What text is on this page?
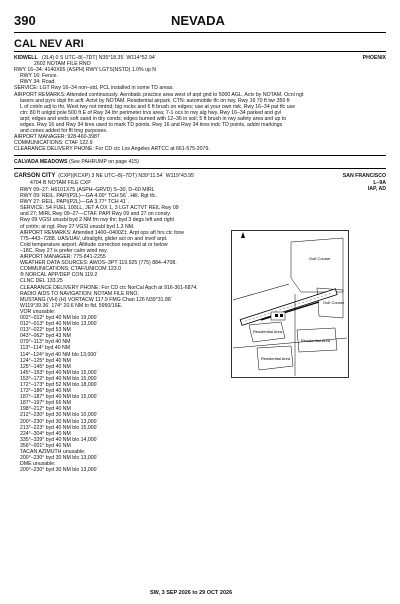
390	NEVADA
CAL NEV ARI
KIDWELL (3L4) 0 S UTC–8(–7DT) N35°18.35´ W114°52.94´
2602 NOTAM FILE RNO
RWY 16–34: 4140X65 (ASPH) RWY LGTS(NSTD) 1.0% up N
RWY 16: Fence.
RWY 34: Road.
SERVICE: LGT Rwy 16–34 non–std, PCL installed in some TD areas.
AIRPORT REMARKS: Attended continuously. Aerobatic practice area west of arpt gnd to 5000 AGL. Actv by NOTAM. Ocnl ngt
lasers and pyro dspl fm acft. Actvt by NOTAM. Residential airpark. CTN: automobile tfc on rwy. Rwy 16 70 ft twr 350 ft
L of cntrln adj to thr. West twy not mntnd; big rocks and 6 ft brush on edges; use at your own risk. Rwy 16–34 pat tfc use
ctn: 80 ft unlgtd pole 500 ft E of Rwy 34 thr perimeter trvs area; 7-1 ocs to rwy alg hwy. Rwy 16–34 parked and gvl
arpt; edges and ends soft sand in dry conds; edges burned with 12–36 in soil; 5 ft brush in rwy safety area and up to
edges. Rwy 16 and Rwy 34 tires used to mark TD points. Rwy 16 and Rwy 34 tires indc TD points, addnl markings
and cones added for flt trng purposes.
AIRPORT MANAGER: 928-460-3987
COMMUNICATIONS: CTAF 122.9
CLEARANCE DELIVERY PHONE: For CD ctc Los Angeles ARTCC at 661-575-2079.
PHOENIX
CALVADA MEADOWS (See PAHRUMP on page 415)
CARSON CITY (CXP)(KCXP) 3 NE UTC–8(–7DT) N39°11.54´ W119°43.95´
4704 B NOTAM FILE CXP
SAN FRANCISCO
L–9A
IAP, AD
RWY 09–27: H6101X75 (ASPH–GRVD) S–30, D–60 MIRL
RWY 09: REIL. PAPI(P2L)—GA 4.00° TCH 56´. Hill. Rgt tfc.
RWY 27: REIL. PAPI(P2L)—GA 3.77° TCH 41´.
SERVICE: S4 FUEL 100LL, JET A OX 1, 3 LGT ACTVT REIL Rwy 09
and 27; MIRL Rwy 09–27—CTAF. PAPI Rwy 09 and 27 on consly.
Rwy 09 VGSI unusbl byd 2 NM fm rwy thr; byd 3 degs left and right
of cntrln; at ngt. Rwy 27 VGSI unusbl byd 1.3 NM.
AIRPORT REMARKS: Attended 1400–0400Z‡. Arpt ops aft hrs ctc fone
775–443–7288. UAS/UAV, ultralight, glider act on and invof arpt.
Cold temperature airport. Altitude correction required at or below
–18C. Rwy 27 is prefer calm wind rwy.
AIRPORT MANAGER: 775-841-2255
WEATHER DATA SOURCES: AWOS–3PT 119.925 (775) 884–4708.
COMMUNICATIONS: CTAF/UNICOM 123.0
® NORCAL APP/DEP CON 119.2
CLNC DEL 133.25
CLEARANCE DELIVERY PHONE: For CD ctc NorCal Apch at 916-361-6874.
RADIO AIDS TO NAVIGATION: NOTAM FILE RNO.
MUSTANG (VH) (H) VORTACW 117.9 FMG Chan 126 N39°31.88´
W119°39.36´ 174° 20.6 NM to fld. 5950/16E.
VOR unusable:
002°–012° byd 40 NM blo 19,000´
012°–013° byd 40 NM blo 13,000´
013°–022° byd 53 NM
043°–062° byd 43 NM
079°–113° byd 40 NM
113°–114° byd 40 NM
114°–124° byd 40 NM blo 13,000´
124°–125° byd 40 NM
125°–145° byd 40 NM
145°–153° byd 40 NM blo 15,000´
153°–172° byd 40 NM blo 15,000´
172°–173° byd 52 NM blo 18,000´
173°–186° byd 40 NM
187°–187° byd 40 NM blo 15,000´
187°–197° byd 66 NM
198°–212° byd 40 NM
212°–230° byd 30 NM blo 10,000´
200°–230° byd 30 NM blo 13,000´
213°–223° byd 40 NM blo 15,000´
224°–304° byd 40 NM
335°–339° byd 40 NM blo 14,000´
356°–001° byd 40 NM
TACAN AZIMUTH unusable:
200°–230° byd 30 NM blo 13,000´
DME unusable:
200°–230° byd 30 NM blo 13,000´
Golf Course
Golf Course
Residential Area
Residential Area
Residential Area
SW, 3 SEP 2026 to 29 OCT 2026
